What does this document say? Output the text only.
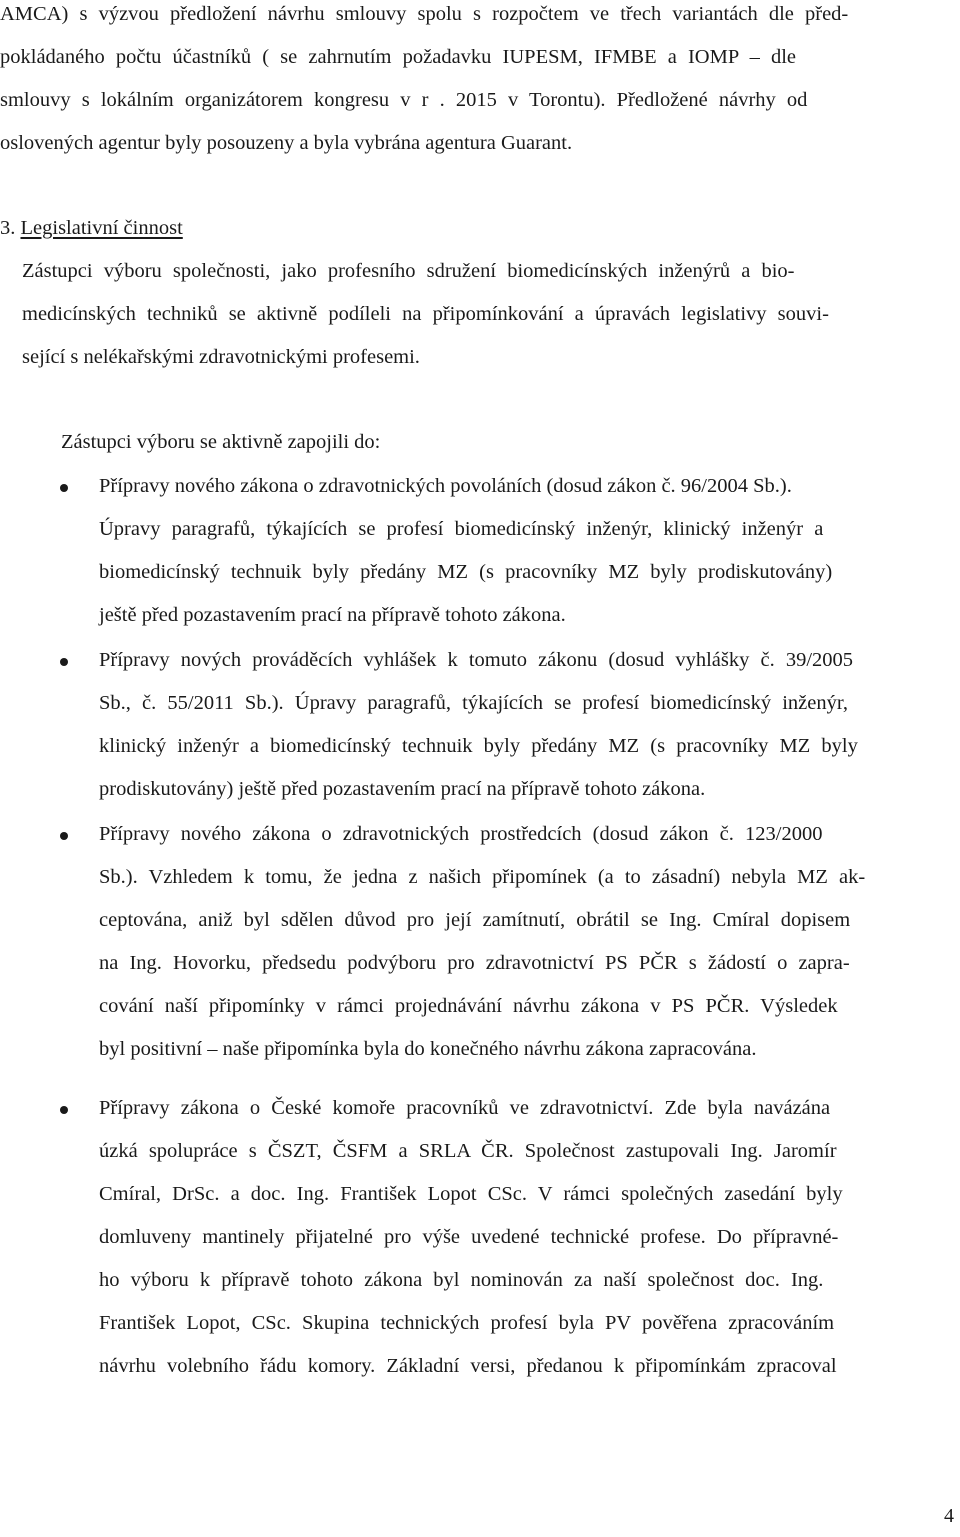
AMCA) s výzvou předložení návrhu smlouvy spolu s rozpočtem ve třech variantách dle před-
pokládaného počtu účastníků ( se zahrnutím požadavku IUPESM, IFMBE a IOMP – dle
smlouvy s lokálním organizátorem kongresu v r . 2015 v Torontu). Předložené návrhy od
oslovených agentur byly posouzeny a byla vybrána agentura Guarant.
3. Legislativní činnost
Zástupci výboru společnosti, jako profesního sdružení biomedicínských inženýrů a bio-
medicínských techniků se aktivně podíleli na připomínkování a úpravách legislativy souvi-
sející s nelékařskými zdravotnickými profesemi.
Zástupci výboru se aktivně zapojili do:
Přípravy nového zákona o zdravotnických povoláních (dosud zákon č. 96/2004 Sb.).
Úpravy paragrafů, týkajících se profesí biomedicínský inženýr, klinický inženýr a
biomedicínský technuik byly předány MZ (s pracovníky MZ byly prodiskutovány)
ještě před pozastavením prací na přípravě tohoto zákona.
Přípravy nových prováděcích vyhlášek k tomuto zákonu (dosud vyhlášky č. 39/2005
Sb., č. 55/2011 Sb.). Úpravy paragrafů, týkajících se profesí biomedicínský inženýr,
klinický inženýr a biomedicínský technuik byly předány MZ (s pracovníky MZ byly
prodiskutovány) ještě před pozastavením prací na přípravě tohoto zákona.
Přípravy nového zákona o zdravotnických prostředcích (dosud zákon č. 123/2000
Sb.). Vzhledem k tomu, že jedna z našich připomínek (a to zásadní) nebyla MZ ak-
ceptována, aniž byl sdělen důvod pro její zamítnutí, obrátil se Ing. Cmíral dopisem
na Ing. Hovorku, předsedu podvýboru pro zdravotnictví PS PČR s žádostí o zapra-
cování naší připomínky v rámci projednávání návrhu zákona v PS PČR. Výsledek
byl positivní – naše připomínka byla do konečného návrhu zákona zapracována.
Přípravy zákona o České komoře pracovníků ve zdravotnictví. Zde byla navázána
úzká spolupráce s ČSZT, ČSFM a SRLA ČR. Společnost zastupovali Ing. Jaromír
Cmíral, DrSc. a doc. Ing. František Lopot CSc. V rámci společných zasedání byly
domluveny mantinely přijatelné pro výše uvedené technické profese. Do přípravné-
ho výboru k přípravě tohoto zákona byl nominován za naší společnost doc. Ing.
František Lopot, CSc. Skupina technických profesí byla PV pověřena zpracováním
návrhu volebního řádu komory. Základní versi, předanou k připomínkám zpracoval
4
